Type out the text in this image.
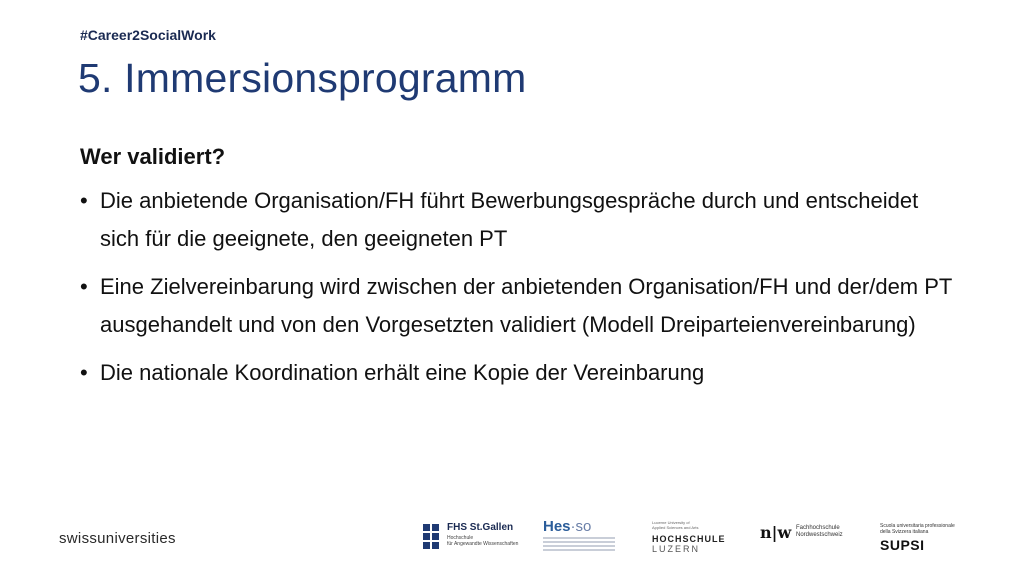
#Career2SocialWork
5. Immersionsprogramm
Wer validiert?
• Die anbietende Organisation/FH führt Bewerbungsgespräche durch und entscheidet sich für die geeignete, den geeigneten PT
• Eine Zielvereinbarung wird zwischen der anbietenden Organisation/FH und der/dem PT ausgehandelt und von den Vorgesetzten validiert (Modell Dreiparteienvereinbarung)
• Die nationale Koordination erhält eine Kopie der Vereinbarung
swissuniversities
FHS St.Gallen
Hochschule
für Angewandte Wissenschaften
Hes·so	Lucerne University of
Applied Sciences and Arts
HOCHSCHULE
LUZERN
n|w Fachhochschule
Nordwestschweiz
Scuola universitaria professionale
della Svizzera italiana
SUPSI
